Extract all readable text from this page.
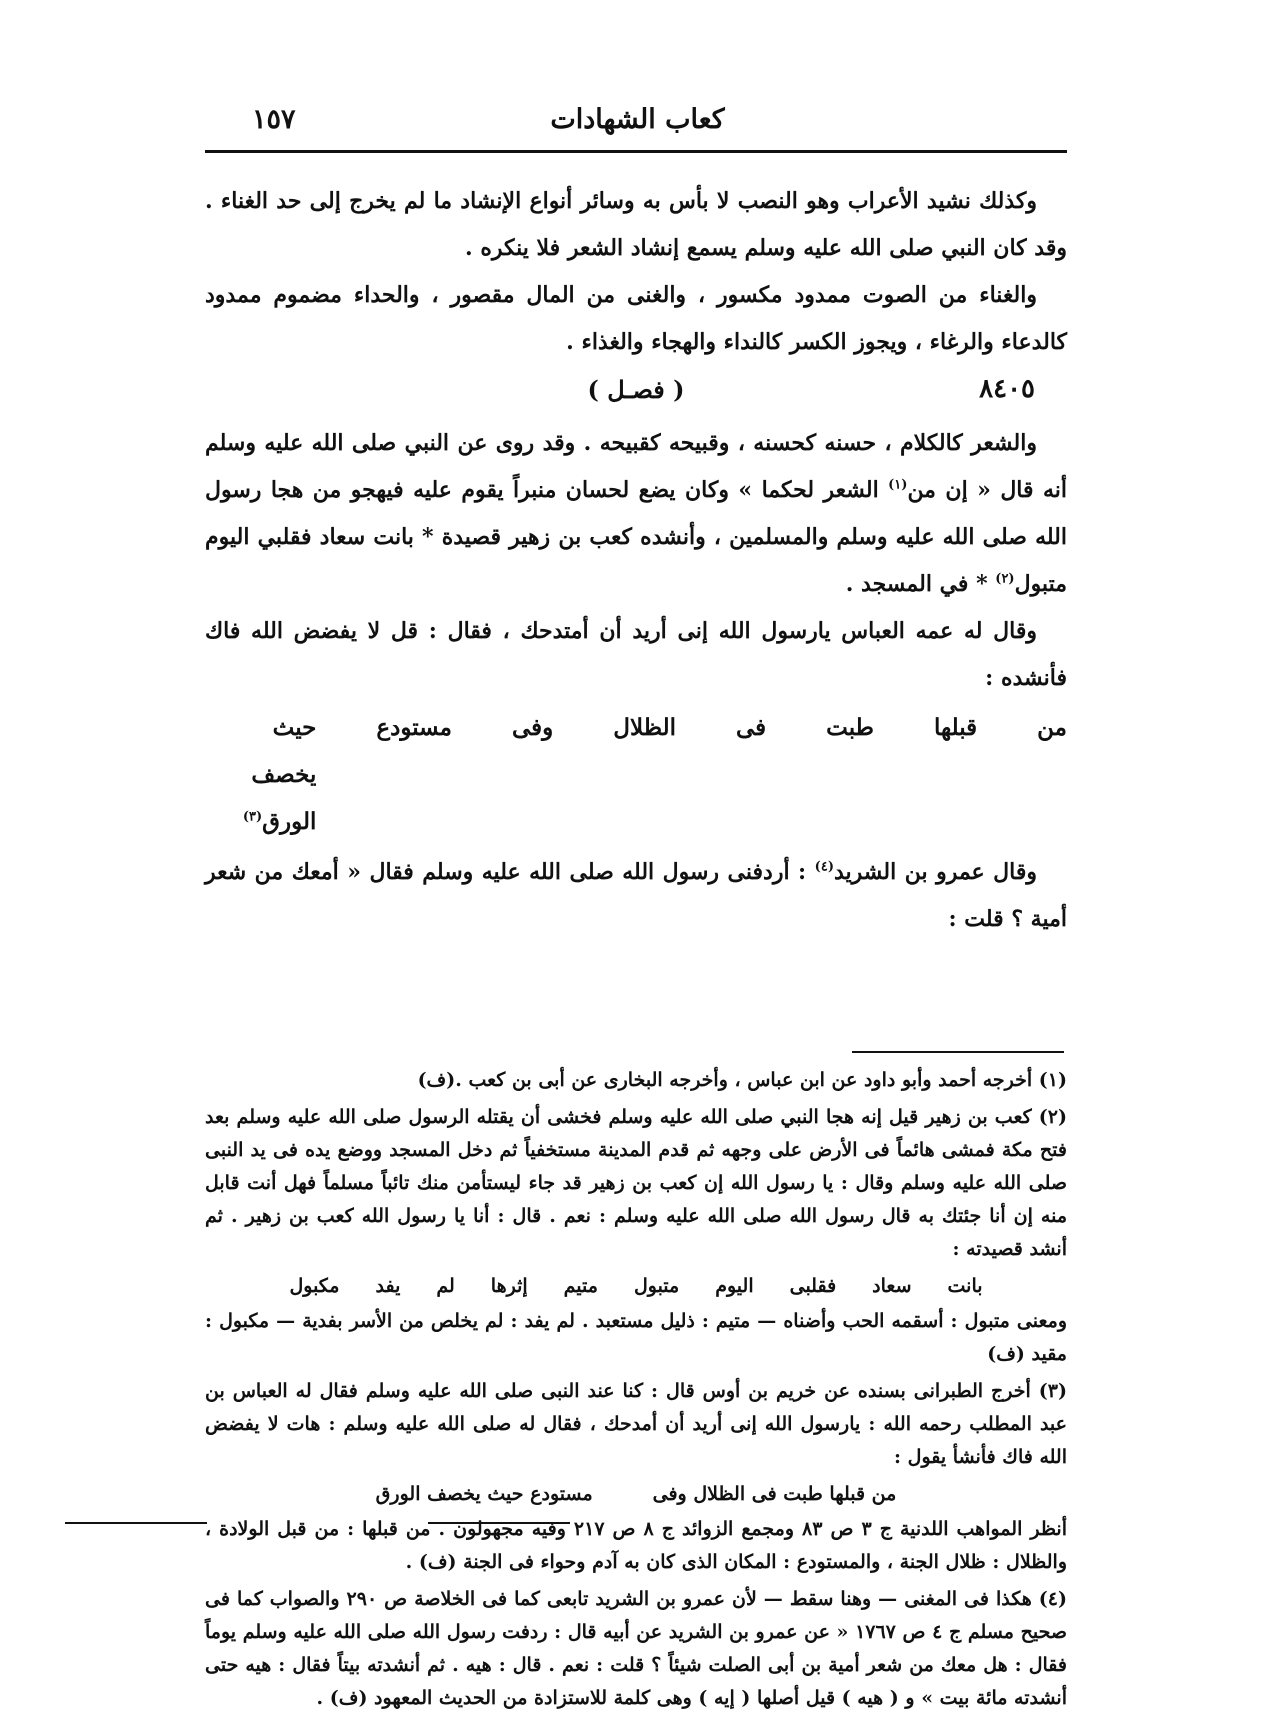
كعاب الشهادات
١٥٧

وكذلك نشيد الأعراب وهو النصب لا بأس به وسائر أنواع الإنشاد ما لم يخرج إلى حد الغناء . وقد كان النبي صلى الله عليه وسلم يسمع إنشاد الشعر فلا ينكره .

والغناء من الصوت ممدود مكسور ، والغنى من المال مقصور ، والحداء مضموم ممدود كالدعاء والرغاء ، ويجوز الكسر كالنداء والهجاء والغذاء .

٨٤٠٥
( فصـل )

والشعر كالكلام ، حسنه كحسنه ، وقبيحه كقبيحه . وقد روى عن النبي صلى الله عليه وسلم أنه قال « إن من$^{(١)}$ الشعر لحكما » وكان يضع لحسان منبراً يقوم عليه فيهجو من هجا رسول الله صلى الله عليه وسلم والمسلمين ، وأنشده كعب بن زهير قصيدة * بانت سعاد فقلبي اليوم متبول$^{(٢)}$ * في المسجد .

وقال له عمه العباس يارسول الله إنى أريد أن أمتدحك ، فقال : قل لا يفضض الله فاك فأنشده :

من
قبلها
طبت
فى
الظلال
وفى
مستودع
حيث يخصف الورق$^{(٣)}$

وقال عمرو بن الشريد$^{(٤)}$ : أردفنى رسول الله صلى الله عليه وسلم فقال « أمعك من شعر أمية ؟ قلت :

(١) أخرجه أحمد وأبو داود عن ابن عباس ، وأخرجه البخارى عن أبى بن كعب .(ف)

(٢) كعب بن زهير قيل إنه هجا النبي صلى الله عليه وسلم فخشى أن يقتله الرسول صلى الله عليه وسلم بعد فتح مكة فمشى هائماً فى الأرض على وجهه ثم قدم المدينة مستخفياً ثم دخل المسجد ووضع يده فى يد النبى صلى الله عليه وسلم وقال : يا رسول الله إن كعب بن زهير قد جاء ليستأمن منك تائباً مسلماً فهل أنت قابل منه إن أنا جئتك به قال رسول الله صلى الله عليه وسلم : نعم . قال : أنا يا رسول الله كعب بن زهير . ثم أنشد قصيدته :

بانت
سعاد
فقلبى
اليوم
متبول
متيم
إثرها
لم
يفد
مكبول

ومعنى متبول : أسقمه الحب وأضناه — متيم : ذليل مستعبد . لم يفد : لم يخلص من الأسر بفدية — مكبول : مقيد (ف)

(٣) أخرج الطبرانى بسنده عن خريم بن أوس قال : كنا عند النبى صلى الله عليه وسلم فقال له العباس بن عبد المطلب رحمه الله : يارسول الله إنى أريد أن أمدحك ، فقال له صلى الله عليه وسلم : هات لا يفضض الله فاك فأنشأ يقول :

من قبلها طبت فى الظلال وفى
مستودع حيث يخصف الورق

أنظر المواهب اللدنية ج ٣ ص ٨٣ ومجمع الزوائد ج ٨ ص ٢١٧ وفيه مجهولون . من قبلها : من قبل الولادة ، والظلال : ظلال الجنة ، والمستودع : المكان الذى كان به آدم وحواء فى الجنة (ف) .

(٤) هكذا فى المغنى — وهنا سقط — لأن عمرو بن الشريد تابعى كما فى الخلاصة ص ٢٩٠ والصواب كما فى صحيح مسلم ج ٤ ص ١٧٦٧ « عن عمرو بن الشريد عن أبيه قال : ردفت رسول الله صلى الله عليه وسلم يوماً فقال : هل معك من شعر أمية بن أبى الصلت شيئاً ؟ قلت : نعم . قال : هيه . ثم أنشدته بيتاً فقال : هيه حتى أنشدته مائة بيت » و ( هيه ) قيل أصلها ( إيه ) وهى كلمة للاستزادة من الحديث المعهود (ف) .
